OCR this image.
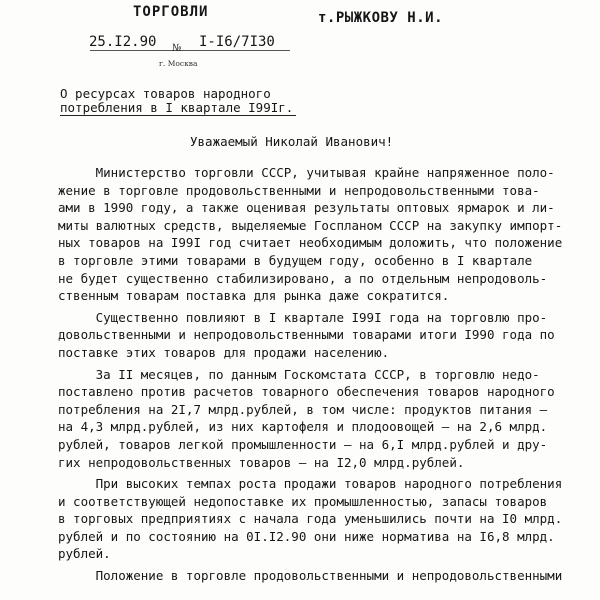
ТОРГОВЛИ	т.РЫЖКОВУ Н.И.
25.I2.90 № I-I6/7I30
г. Москва
О ресурсах товаров народного
потребления в I квартале I99Iг.
Уважаемый Николай Иванович!
Министерство торговли СССР, учитывая крайне напряженное поло-
жение в торговле продовольственными и непродовольственными това-
ами в 1990 году, а также оценивая результаты оптовых ярмарок и ли-
миты валютных средств, выделяемые Госпланом СССР на закупку импорт-
ных товаров на I99I год считает необходимым доложить, что положение
в торговле этими товарами в будущем году, особенно в I квартале
не будет существенно стабилизировано, а по отдельным непродоволь-
ственным товарам поставка для рынка даже сократится.
Существенно повлияют в I квартале I99I года на торговлю про-
довольственными и непродовольственными товарами итоги I990 года по
поставке этих товаров для продажи населению.
За II месяцев, по данным Госкомстата СССР, в торговлю недо-
поставлено против расчетов товарного обеспечения товаров народного
потребления на 2I,7 млрд.рублей, в том числе: продуктов питания –
на 4,3 млрд.рублей, из них картофеля и плодоовощей – на 2,6 млрд.
рублей, товаров легкой промышленности – на 6,I млрд.рублей и дру-
гих непродовольственных товаров – на I2,0 млрд.рублей.
При высоких темпах роста продажи товаров народного потребления
и соответствующей недопоставке их промышленностью, запасы товаров
в торговых предприятиях с начала года уменьшились почти на I0 млрд.
рублей и по состоянию на 0I.I2.90 они ниже норматива на I6,8 млрд.
рублей.
Положение в торговле продовольственными и непродовольственными
